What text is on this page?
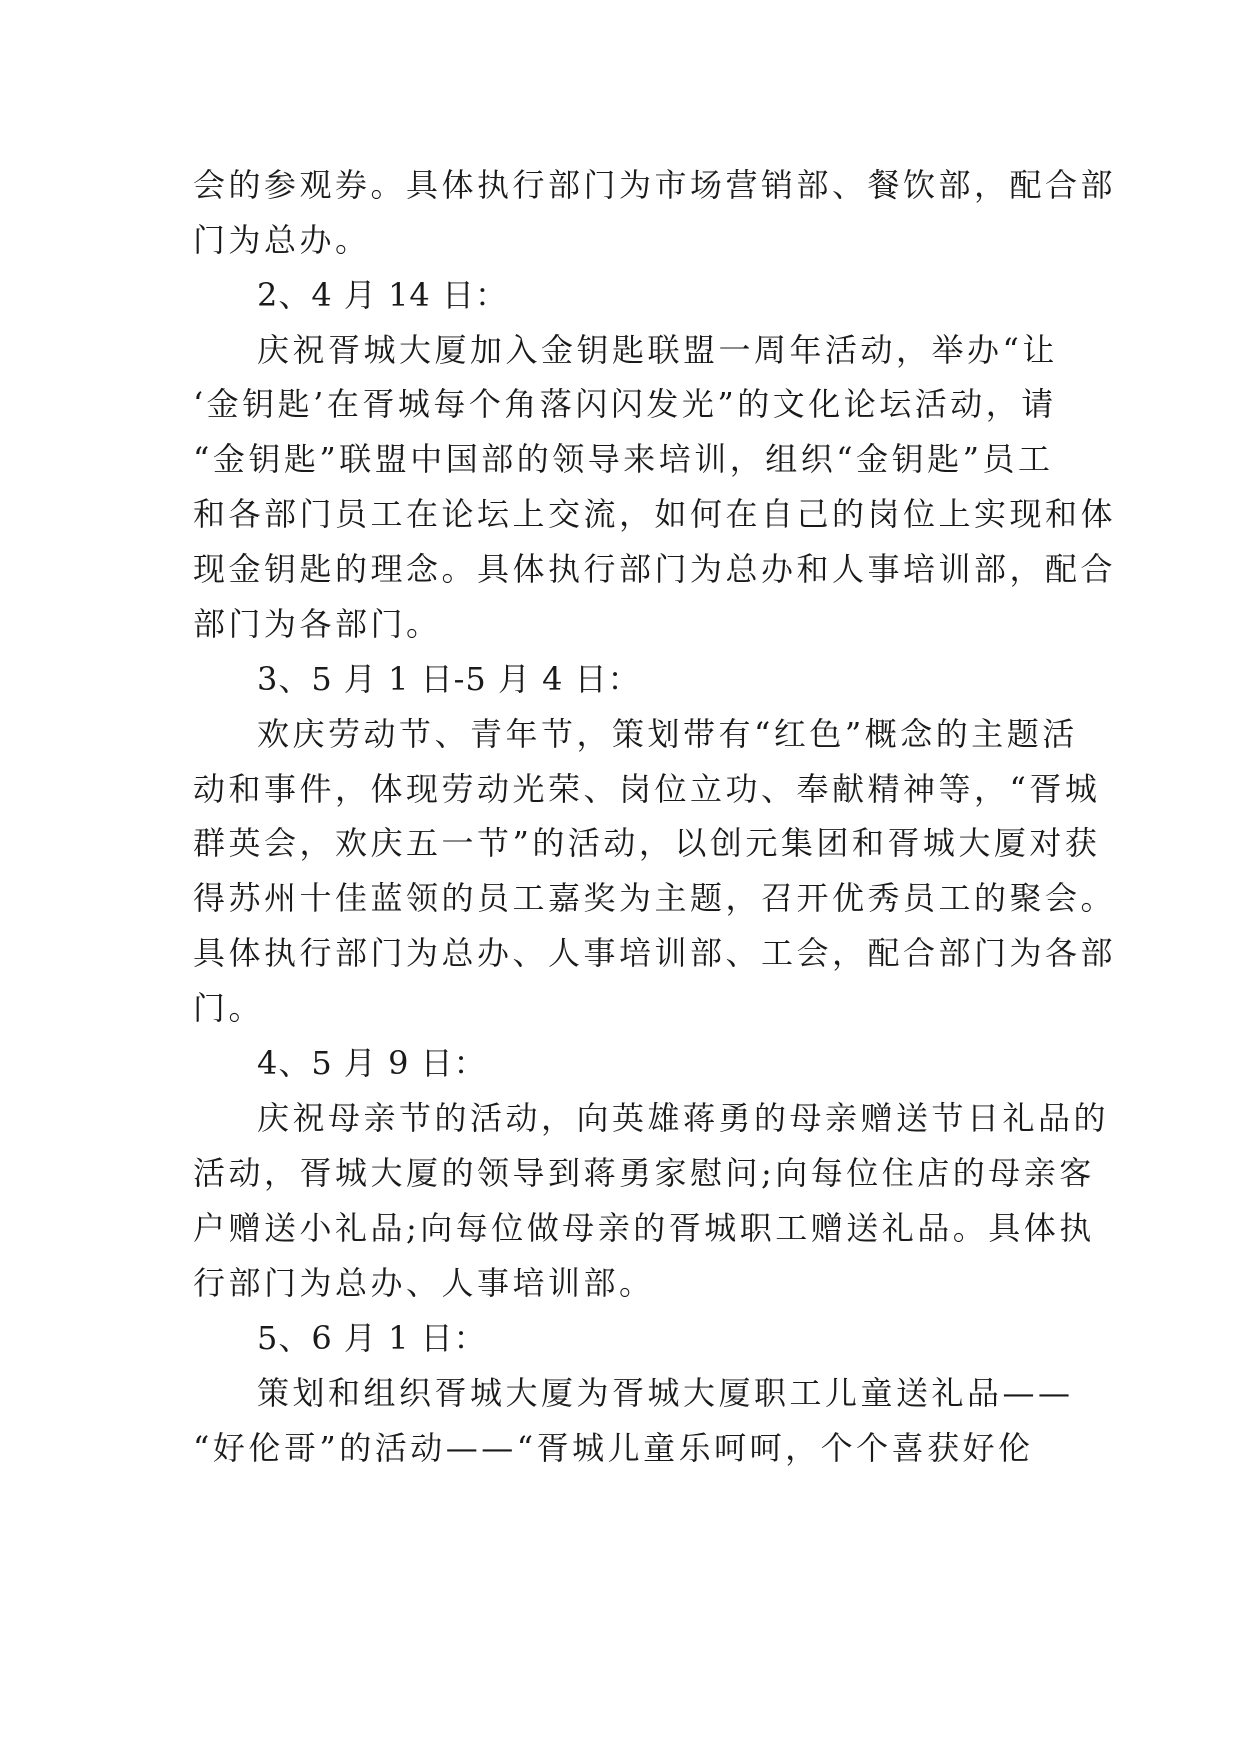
会的参观券。具体执行部门为市场营销部、餐饮部，配合部
门为总办。
2、4 月 14 日：
庆祝胥城大厦加入金钥匙联盟一周年活动，举办“让
‘金钥匙’在胥城每个角落闪闪发光”的文化论坛活动，请
“金钥匙”联盟中国部的领导来培训，组织“金钥匙”员工
和各部门员工在论坛上交流，如何在自己的岗位上实现和体
现金钥匙的理念。具体执行部门为总办和人事培训部，配合
部门为各部门。
3、5 月 1 日-5 月 4 日：
欢庆劳动节、青年节，策划带有“红色”概念的主题活
动和事件，体现劳动光荣、岗位立功、奉献精神等，“胥城
群英会，欢庆五一节”的活动，以创元集团和胥城大厦对获
得苏州十佳蓝领的员工嘉奖为主题，召开优秀员工的聚会。
具体执行部门为总办、人事培训部、工会，配合部门为各部
门。
4、5 月 9 日：
庆祝母亲节的活动，向英雄蒋勇的母亲赠送节日礼品的
活动，胥城大厦的领导到蒋勇家慰问;向每位住店的母亲客
户赠送小礼品;向每位做母亲的胥城职工赠送礼品。具体执
行部门为总办、人事培训部。
5、6 月 1 日：
策划和组织胥城大厦为胥城大厦职工儿童送礼品——
“好伦哥”的活动——“胥城儿童乐呵呵，个个喜获好伦
